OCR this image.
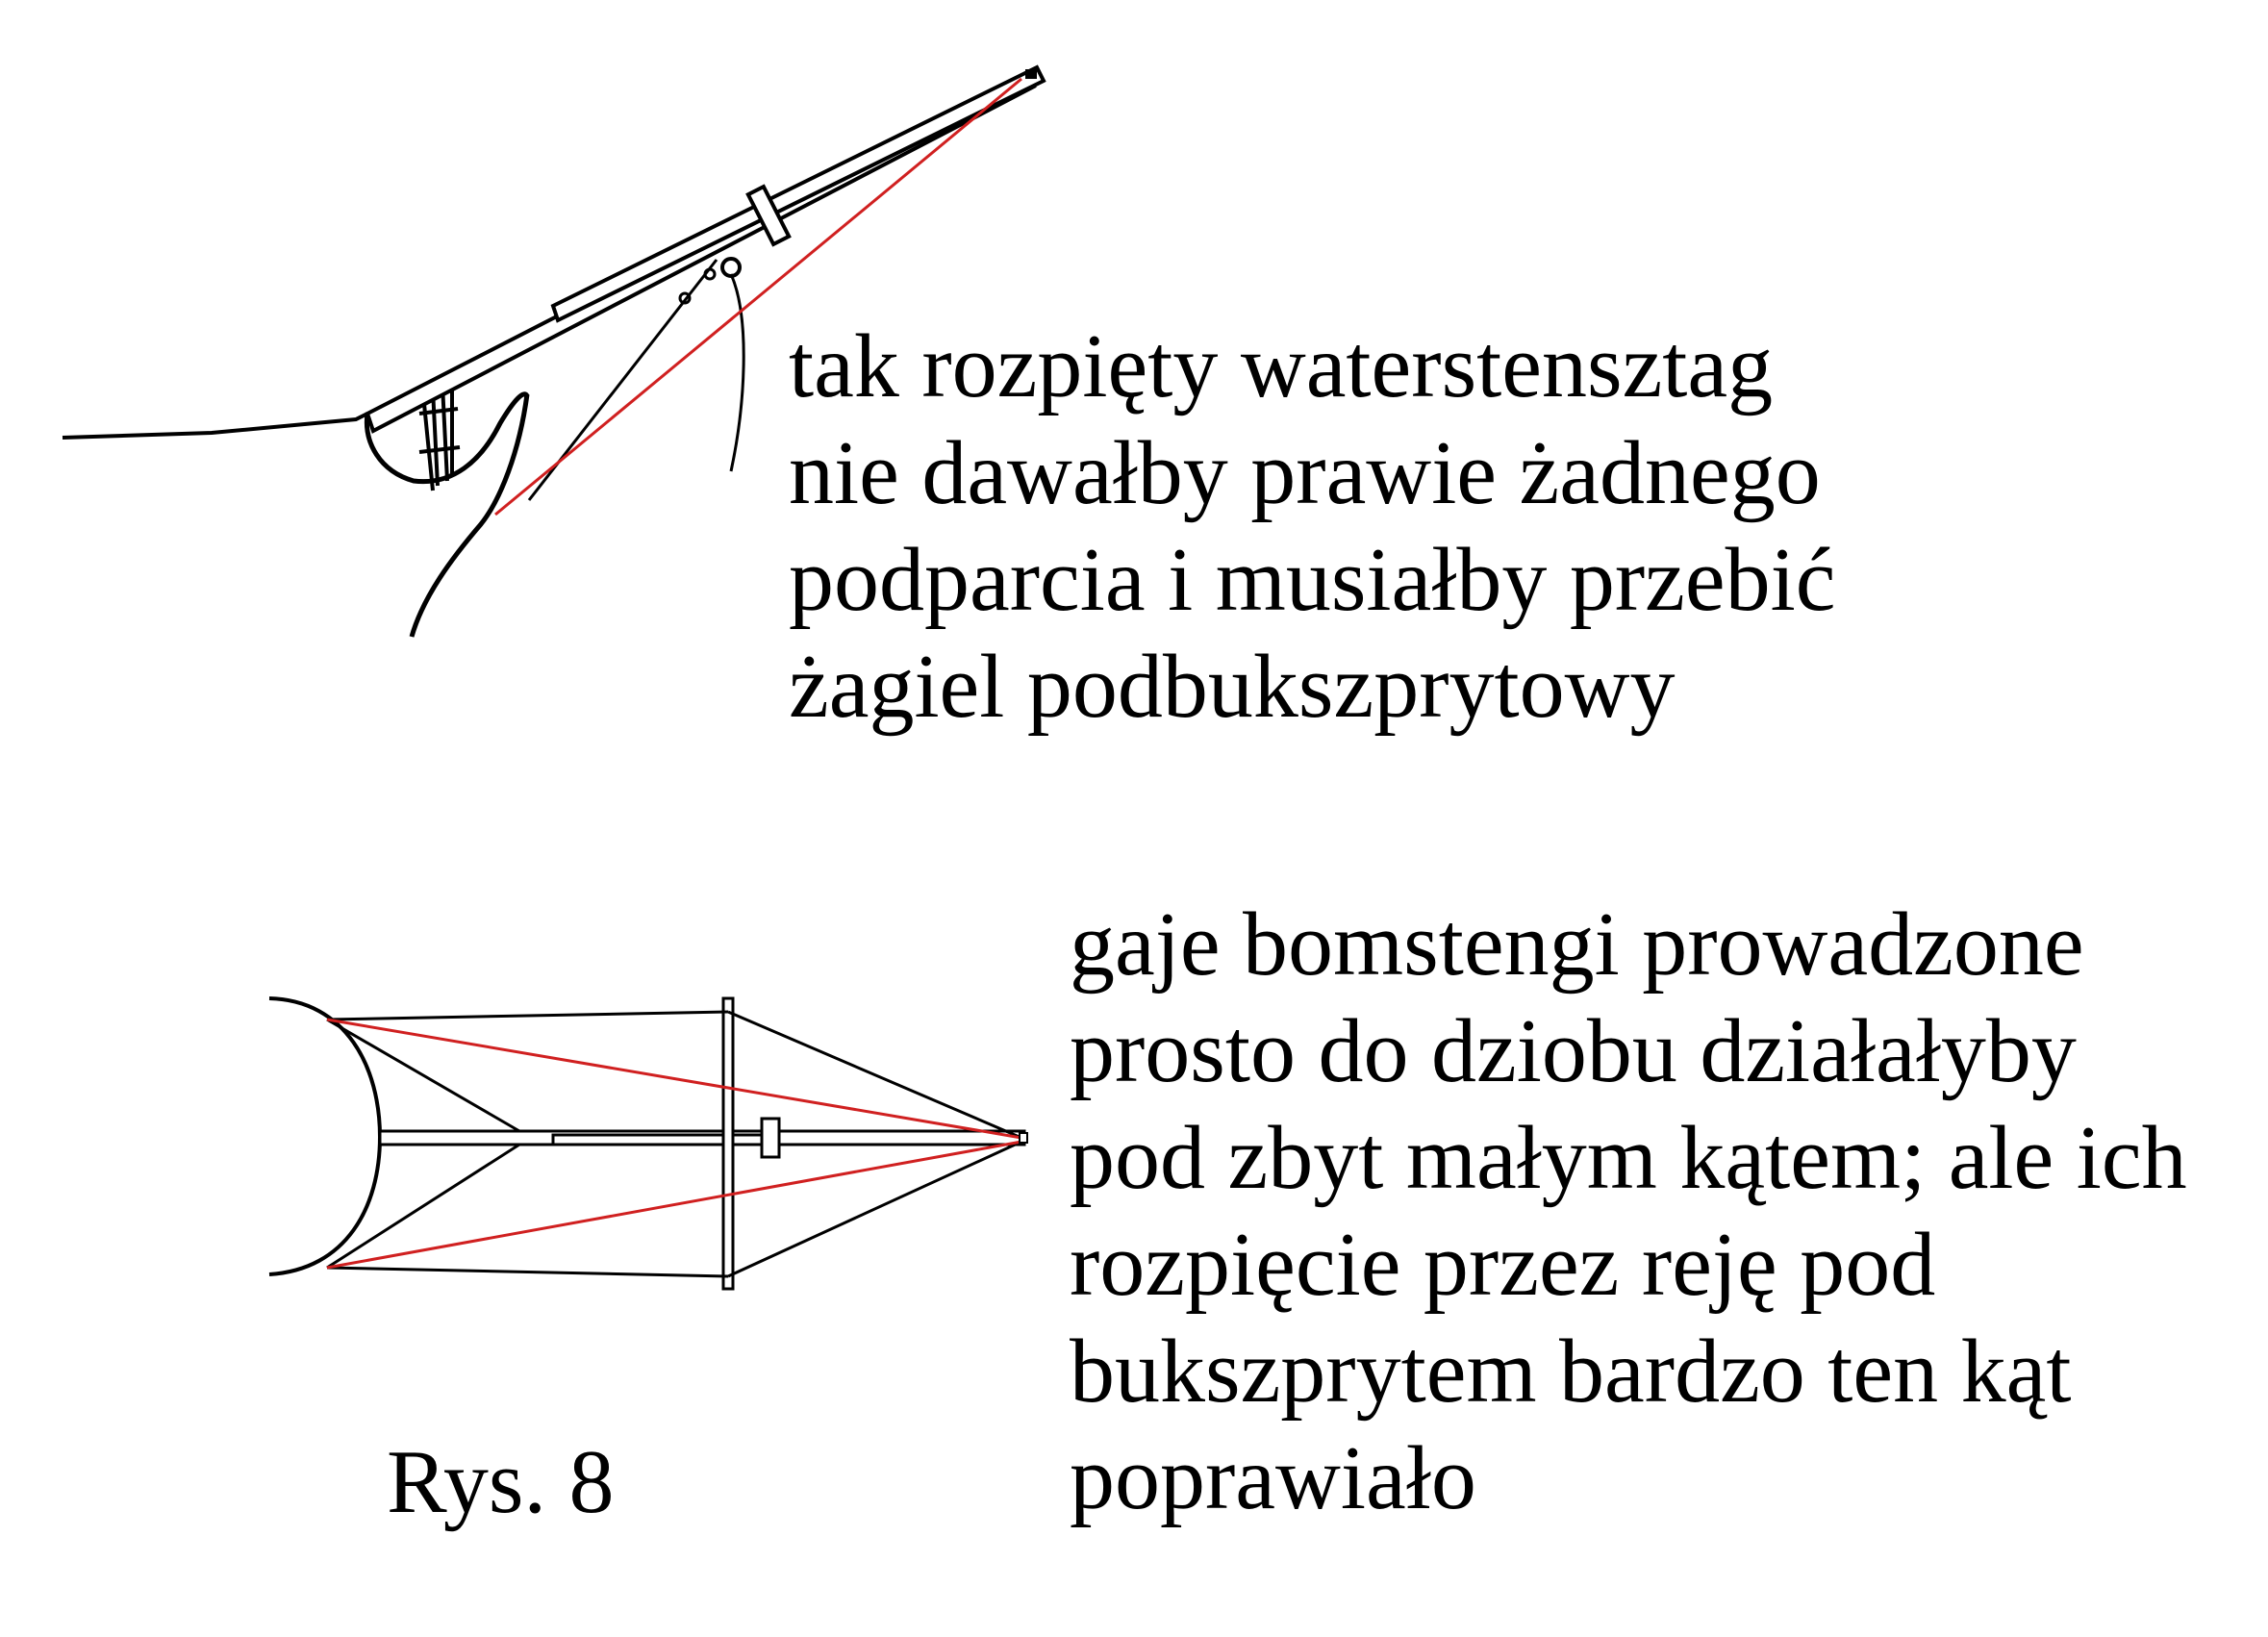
tak rozpięty waterstensztag
nie dawałby prawie żadnego
podparcia i musiałby przebić
żagiel podbukszprytowy

gaje bomstengi prowadzone
prosto do dziobu działałyby
pod zbyt małym kątem; ale ich
rozpięcie przez reję pod
bukszprytem bardzo ten kąt
poprawiało

Rys. 8
